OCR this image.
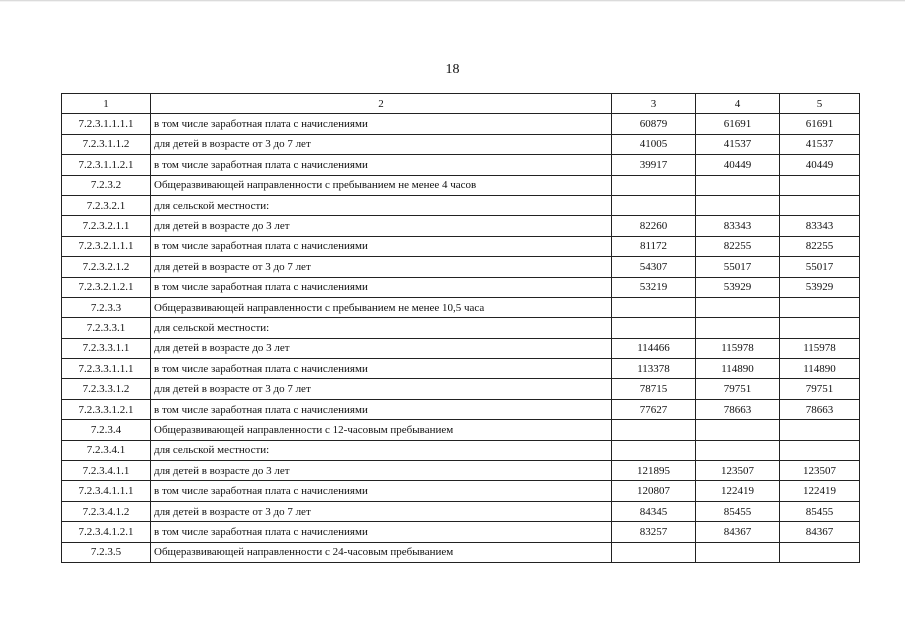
18
1	2	3	4	5
7.2.3.1.1.1.1	в том числе заработная плата с начислениями	60879	61691	61691
7.2.3.1.1.2	для детей в возрасте от 3 до 7 лет	41005	41537	41537
7.2.3.1.1.2.1	в том числе заработная плата с начислениями	39917	40449	40449
7.2.3.2	Общеразвивающей направленности с пребыванием не менее 4 часов			
7.2.3.2.1	для сельской местности:			
7.2.3.2.1.1	для детей в возрасте до 3 лет	82260	83343	83343
7.2.3.2.1.1.1	в том числе заработная плата с начислениями	81172	82255	82255
7.2.3.2.1.2	для детей в возрасте от 3 до 7 лет	54307	55017	55017
7.2.3.2.1.2.1	в том числе заработная плата с начислениями	53219	53929	53929
7.2.3.3	Общеразвивающей направленности с пребыванием не менее 10,5 часа			
7.2.3.3.1	для сельской местности:			
7.2.3.3.1.1	для детей в возрасте до 3 лет	114466	115978	115978
7.2.3.3.1.1.1	в том числе заработная плата с начислениями	113378	114890	114890
7.2.3.3.1.2	для детей в возрасте от 3 до 7 лет	78715	79751	79751
7.2.3.3.1.2.1	в том числе заработная плата с начислениями	77627	78663	78663
7.2.3.4	Общеразвивающей направленности с 12-часовым пребыванием			
7.2.3.4.1	для сельской местности:			
7.2.3.4.1.1	для детей в возрасте до 3 лет	121895	123507	123507
7.2.3.4.1.1.1	в том числе заработная плата с начислениями	120807	122419	122419
7.2.3.4.1.2	для детей в возрасте от 3 до 7 лет	84345	85455	85455
7.2.3.4.1.2.1	в том числе заработная плата с начислениями	83257	84367	84367
7.2.3.5	Общеразвивающей направленности с 24-часовым пребыванием			
